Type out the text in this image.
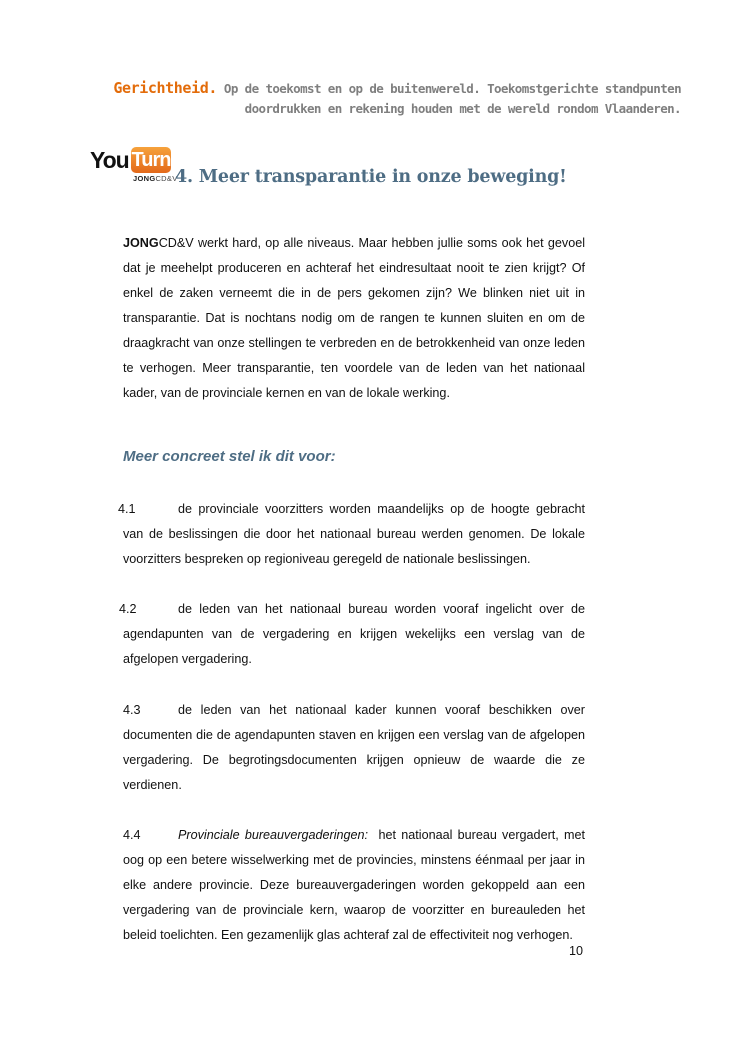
Gerichtheid. Op de toekomst en op de buitenwereld. Toekomstgerichte standpunten doordrukken en rekening houden met de wereld rondom Vlaanderen.
You Turn
JONGCD&V
4. Meer transparantie in onze beweging!

JONGCD&V werkt hard, op alle niveaus. Maar hebben jullie soms ook het gevoel dat je meehelpt produceren en achteraf het eindresultaat nooit te zien krijgt? Of enkel de zaken verneemt die in de pers gekomen zijn? We blinken niet uit in transparantie. Dat is nochtans nodig om de rangen te kunnen sluiten en om de draagkracht van onze stellingen te verbreden en de betrokkenheid van onze leden te verhogen. Meer transparantie, ten voordele van de leden van het nationaal kader, van de provinciale kernen en van de lokale werking.

Meer concreet stel ik dit voor:
4.1	de provinciale voorzitters worden maandelijks op de hoogte gebracht van de beslissingen die door het nationaal bureau werden genomen. De lokale voorzitters bespreken op regioniveau geregeld de nationale beslissingen.
4.2	de leden van het nationaal bureau worden vooraf ingelicht over de agendapunten van de vergadering en krijgen wekelijks een verslag van de afgelopen vergadering.
4.3	de leden van het nationaal kader kunnen vooraf beschikken over documenten die de agendapunten staven en krijgen een verslag van de afgelopen vergadering. De begrotingsdocumenten krijgen opnieuw de waarde die ze verdienen.
4.4	Provinciale bureauvergaderingen: het nationaal bureau vergadert, met oog op een betere wisselwerking met de provincies, minstens éénmaal per jaar in elke andere provincie. Deze bureauvergaderingen worden gekoppeld aan een vergadering van de provinciale kern, waarop de voorzitter en bureauleden het beleid toelichten. Een gezamenlijk glas achteraf zal de effectiviteit nog verhogen.
10
